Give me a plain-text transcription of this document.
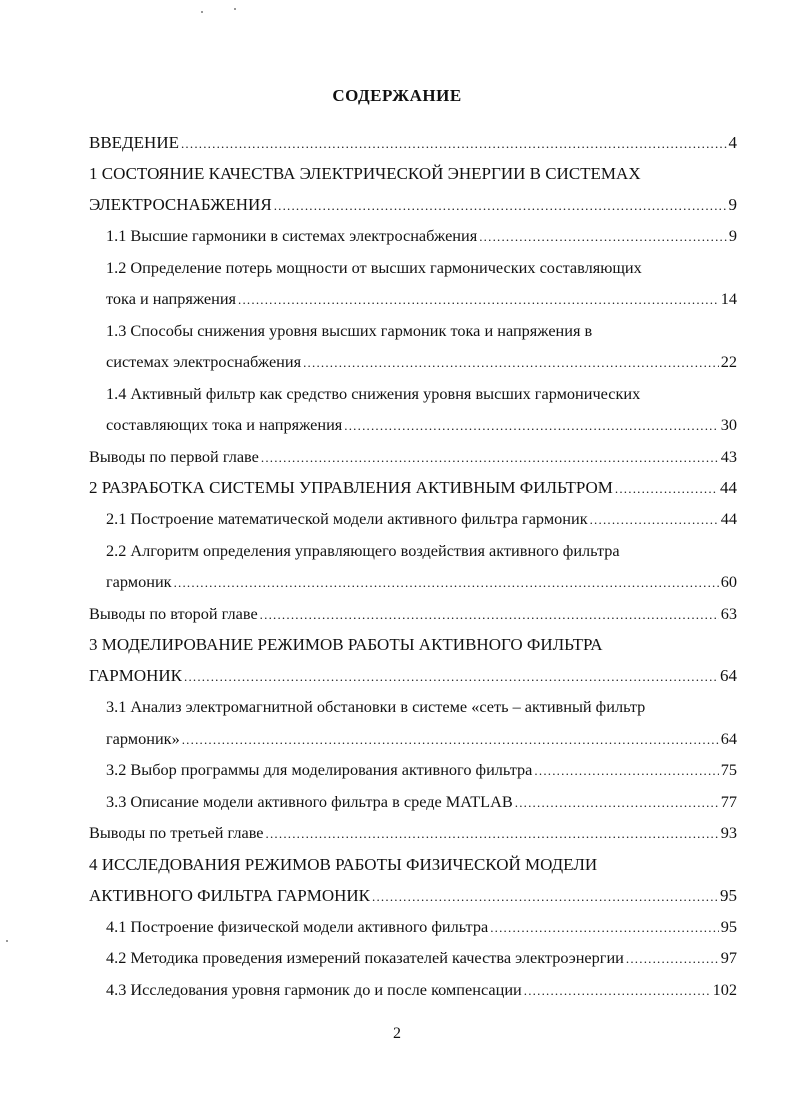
СОДЕРЖАНИЕ
ВВЕДЕНИЕ .....	4
1 СОСТОЯНИЕ КАЧЕСТВА ЭЛЕКТРИЧЕСКОЙ ЭНЕРГИИ В СИСТЕМАХ
ЭЛЕКТРОСНАБЖЕНИЯ .....	9
1.1 Высшие гармоники в системах электроснабжения .....	9
1.2 Определение потерь мощности от высших гармонических составляющих
тока и напряжения .....	14
1.3 Способы снижения уровня высших гармоник тока и напряжения в
системах электроснабжения .....	22
1.4 Активный фильтр как средство снижения уровня высших гармонических
составляющих тока и напряжения .....	30
Выводы по первой главе .....	43
2 РАЗРАБОТКА СИСТЕМЫ УПРАВЛЕНИЯ АКТИВНЫМ ФИЛЬТРОМ .....	44
2.1 Построение математической модели активного фильтра гармоник .....	44
2.2 Алгоритм определения управляющего воздействия активного фильтра
гармоник .....	60
Выводы по второй главе .....	63
3 МОДЕЛИРОВАНИЕ РЕЖИМОВ РАБОТЫ АКТИВНОГО ФИЛЬТРА
ГАРМОНИК .....	64
3.1 Анализ электромагнитной обстановки в системе «сеть – активный фильтр
гармоник» .....	64
3.2 Выбор программы для моделирования активного фильтра .....	75
3.3 Описание модели активного фильтра в среде MATLAB .....	77
Выводы по третьей главе .....	93
4 ИССЛЕДОВАНИЯ РЕЖИМОВ РАБОТЫ ФИЗИЧЕСКОЙ МОДЕЛИ
АКТИВНОГО ФИЛЬТРА ГАРМОНИК .....	95
4.1 Построение физической модели активного фильтра .....	95
4.2 Методика проведения измерений показателей качества электроэнергии .....	97
4.3 Исследования уровня гармоник до и после компенсации .....	102
2
